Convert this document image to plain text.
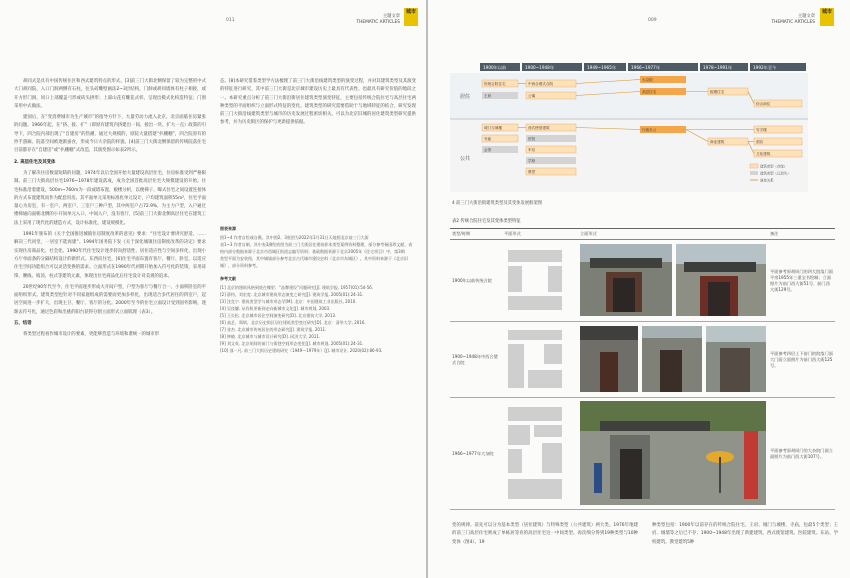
011

胡同式是具有中国传统住区和西式建筑特点的形式。[3]前三门大街北侧保留了较为完整的中式大门胡同院、入口门洞两侧有石柱，往头砖雕壁画法2~3层结构，门洞或胡同墙体有柱子相接，或开方形门洞，同口上部覆盖弓形或砖头拱形；上部山花有雕花式样，呈现出模式化构造特征；门窗采用中式做法。

建国后，在“变消费城市为生产城市”的指导方针下，大量劳动力流入北京，北京面临住房紧张的问题。1966年起，在“挤、接、扩”（即原有建筑内挤建出一间、接出一块、扩大一点）政策的引导下，四合院内部出现了“自建房”的热潮，通过大规模的，原院大量搭建“扒棚棚”，四合院原有的抄手游廊、院落空间被逐渐蚕食，形成今日大杂院的样貌。[4]前三门大街北侧保留的传统院落住宅目前都存在“自建房”或“扒棚棚”式改造，其演变图示如表2所示。

2. 高层住宅及其变体

为了解决住房数量短缺的问题，1974年以后全国开始大量建设高层住宅，住房标准受到严格限制。前三门大街高层住宅1976~1978年建设落成，成为全国首批高层住宅大规模建设的开始。住宅标准沿着建设，500m~760m为一段或塔布置，板楼分析，以便梯子、曝式住宅之间设置连接体的方式布置建筑而作为配套用房。其平面单元采用标准化单元设计，户均建筑面积55m²，住宅平面量心为房室，有一室户、两室户、三室户三种户型，其中两室户占72.9%，为主力户型，入户通过楼梯通向面朝北侧的小开间单元入口，中间入户，没有客厅，[5]前三门大街北侧高层住宅在建筑工法上采用了现代化的建造方式，设计标准化，建设规模化。

1991年颁布的《关于全国推进城镇住房制度改革的意见》要求：“住宅设计要讲究舒适、……解决三代同堂，一居室不能再建”。1994年国务院下发《关于深化城镇住房制度改革的决定》要求实现住房商品化、社会化。1990年代住宅设计逐步转向舒适性、居住适应性与空间多样化，出现小方厅单面条的分隔结构设计的新形式。东西向住宅，[6]住宅平面布置有客厅、餐厅、卧室，以适应住宅空间功能组合可以灵活变换的需求。立面形式在1990年代初期开始加入符号化的装饰，采用砖饰、腰线、坡顶、柱式等建筑元素，体现出住宅商品化后住宅设计对美观的追求。

20世纪90年代至今，住宅平面逐步形成大开间户型，户型为客厅与餐厅合一，小面积卧室的平面组织形式。建筑类型也针对不同家庭组成的需要而更加多样化，出现适合多代居住的四室户，起居空间进一步扩大，出现主卫、餐厅、客厅的分化。2000年至今的住宅立面设计受到国外影响，逐渐去符号化，通过色彩和出挑的阳台获得分割立面形式立面肌理（表3）。

五、结语

将类型过程看作城市设计的要素，更能够营造与环境和谐统一的城市形

态。[8]本研究借鉴类型学方法梳理了前三门大街沿线建筑类型的演变过程，并对其建筑类型及其演变的特征进行研究，其中前三门大街是北京城市建设历史上最具有代表性、也最具有研究价值的地段之一。本研究重点分析了前三门大街沿街居住建筑类型演变特征，主要包括传统合院住宅与高层住宅两种类型的平面组织与立面形式特征的变化。建筑类型的研究需要借助于与地域特征的结合，研究发现前三门大街沿线建筑类型与城市的历史发展过程密切相关。可以为北京旧城的居住建筑类型研究提供参考，并为历史街区的保护与更新提供依据。

图表来源
图1~4 作者自绘或自摄。其中图2、3底图为2022年3月31日天地图北京前三门大街
表1~3 作者自制，其中表3测绘底图为前三门大街居住建筑样本类型案例资料整理，部分参考杨国珍文献。表格内部分数据来源于北京市西城区街道志编写资料；基础数据来源于北京2005年《住宅项目》中，第3期
类型平面为安装图，其中城墙部分参考北京古代城市建设史料（北京市东城区）。其中资料来源于《北京旧城》，部分资料参考。
参考文献
[1] 北京的建筑风格到底在哪里：“品牌建设”问题研究[J]. 建筑学报, 1957(01):54-56.
[2] 薛钧、刘宏宽. 北京城市建筑形态演变之研究[J]. 建筑学报, 2005(01):24-31.
[3] 沈克宁. 建筑类型学与城市形态学[M]. 北京：中国建筑工业出版社, 2010.
[4] 吴良镛. 从有机更新到走向新城市文化[J]. 城市规划, 2003.
[5] 王长松. 北京城市居住空间演变研究[D]. 北京建筑大学, 2013.
[6] 高艺、郑炳、北京历史街区居住建筑类型变迁研究[D]. 北京：清华大学, 2016.
[7] 张杰. 北京城市传统居住的形态研究[J]. 建筑学报, 2011.
[8] 钟晓. 北京城市与城市设计研究[D]. 同济大学, 2011.
[9] 刘文英. 北京胡同的前门与街巷空间形态变化[J]. 城市规划, 2005(01):24-31.
[10] 邵一凡. 前三门大街历史建筑研究（1949—1979年）[J]. 城市设计, 2020(02):86-93.
主题文章
THEMATIC ARTICLES
城市
009
主题文章
THEMATIC ARTICLES
城市
1900年以前	1900~1948年	1949~1965年	1966~1977年	1978~1991年	1992年至今
居住
公共
传统合院住宅
王府
中西合璧式合院
公寓
大杂院
高层住宅	板楼住宅
综合商住
城门与城楼
寺庙
会馆
西式使馆建筑
医院
车站
学校
教堂
行政办公
商业建筑
写字楼
酒店
文化建筑
建筑类型（存续）
建筑类型（已消失）
演变关系
4 前三门大街沿街建筑类型及其变体发展框架图
表2 传统合院住宅及其变体类型特征
类型/时期	平面形式	立面形式	备注
1900年以前传统合院			平面参考原胡同门的四大院落门面平房1955年三重宝书绘制；立面照片为前门西大街51号、前门西大街129号。
1900~1948年中西合璧式合院			平面参考四层上下前门的院落门面大门面立面照片为前门西大街125号。
1966~1977年大杂院			平面参考原胡同门的大杂院门面立面照片为前门西大街107号。

变的规律。前先可以分为基本类型（居住建筑）与特殊类型（公共建筑）两大类。1976年地建的前三门高层住宅则成了单栋居等业的高层住宅这一中间类型。再次细分得到19种类型与10种变体（图4）。19

种类型包括：1900年以前存在的传统合院住宅、王府、城门与城楼、寺庙，包最5个类型；王府、城墙等之后已不存；1900~1948年出现了新建建筑、西式使馆建筑、医院建筑、东站、学校建筑、教堂建筑5种
